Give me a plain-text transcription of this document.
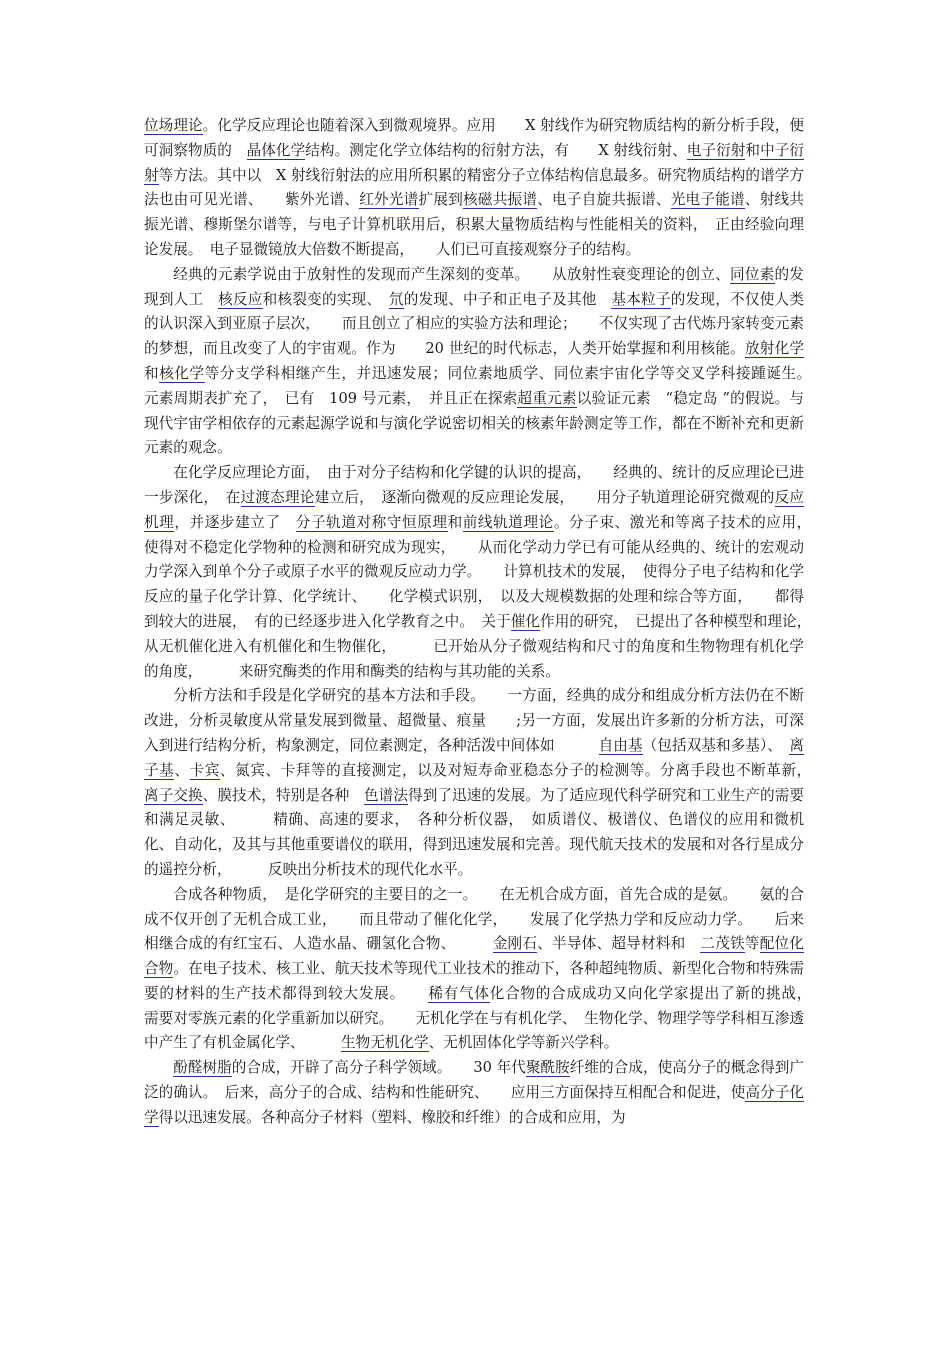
位场理论。化学反应理论也随着深入到微观境界。应用　　X 射线作为研究物质结构的新分析手段，便可洞察物质的　晶体化学结构。测定化学立体结构的衍射方法，有　　X 射线衍射、电子衍射和中子衍射等方法。其中以　X 射线衍射法的应用所积累的精密分子立体结构信息最多。研究物质结构的谱学方法也由可见光谱、　　紫外光谱、红外光谱扩展到核磁共振谱、电子自旋共振谱、光电子能谱、射线共振光谱、穆斯堡尔谱等，与电子计算机联用后，积累大量物质结构与性能相关的资料，　正由经验向理论发展。　电子显微镜放大倍数不断提高，　　人们已可直接观察分子的结构。

经典的元素学说由于放射性的发现而产生深刻的变革。　　从放射性衰变理论的创立、同位素的发现到人工　核反应和核裂变的实现、　氘的发现、中子和正电子及其他　基本粒子的发现，不仅使人类的认识深入到亚原子层次，　　而且创立了相应的实验方法和理论；　　不仅实现了古代炼丹家转变元素的梦想，而且改变了人的宇宙观。作为　　20 世纪的时代标志，人类开始掌握和利用核能。放射化学和核化学等分支学科相继产生，并迅速发展；同位素地质学、同位素宇宙化学等交叉学科接踵诞生。　　元素周期表扩充了，　已有　109 号元素，　并且正在探索超重元素以验证元素　“稳定岛 ”的假说。与现代宇宙学相依存的元素起源学说和与演化学说密切相关的核素年龄测定等工作，都在不断补充和更新元素的观念。

在化学反应理论方面，　由于对分子结构和化学键的认识的提高，　　经典的、统计的反应理论已进一步深化，　在过渡态理论建立后，　逐渐向微观的反应理论发展，　　用分子轨道理论研究微观的反应机理，并逐步建立了　分子轨道对称守恒原理和前线轨道理论。分子束、激光和等离子技术的应用，　使得对不稳定化学物种的检测和研究成为现实，　　从而化学动力学已有可能从经典的、统计的宏观动力学深入到单个分子或原子水平的微观反应动力学。　　计算机技术的发展，　使得分子电子结构和化学反应的量子化学计算、化学统计、　　化学模式识别，　以及大规模数据的处理和综合等方面，　　都得到较大的进展，　有的已经逐步进入化学教育之中。　关于催化作用的研究，　已提出了各种模型和理论，　　从无机催化进入有机催化和生物催化，　　　已开始从分子微观结构和尺寸的角度和生物物理有机化学的角度，　　　来研究酶类的作用和酶类的结构与其功能的关系。

分析方法和手段是化学研究的基本方法和手段。　　一方面，经典的成分和组成分析方法仍在不断改进，分析灵敏度从常量发展到微量、超微量、痕量　　;另一方面，发展出许多新的分析方法，可深入到进行结构分析，构象测定，同位素测定，各种活泼中间体如　　　自由基（包括双基和多基）、　离子基、卡宾、氮宾、卡拜等的直接测定，以及对短寿命亚稳态分子的检测等。分离手段也不断革新，　　离子交换、膜技术，特别是各种　色谱法得到了迅速的发展。为了适应现代科学研究和工业生产的需要和满足灵敏、　　　精确、高速的要求，　各种分析仪器，　如质谱仪、极谱仪、色谱仪的应用和微机化、自动化，及其与其他重要谱仪的联用，得到迅速发展和完善。现代航天技术的发展和对各行星成分的遥控分析，　　　反映出分析技术的现代化水平。

合成各种物质，　是化学研究的主要目的之一。　　在无机合成方面，首先合成的是氨。　　氨的合成不仅开创了无机合成工业，　　而且带动了催化化学，　　发展了化学热力学和反应动力学。　　后来相继合成的有红宝石、人造水晶、硼氢化合物、　　　金刚石、半导体、超导材料和　二茂铁等配位化合物。在电子技术、核工业、航天技术等现代工业技术的推动下，各种超纯物质、新型化合物和特殊需要的材料的生产技术都得到较大发展。　　稀有气体化合物的合成成功又向化学家提出了新的挑战，　　需要对零族元素的化学重新加以研究。　　无机化学在与有机化学、　生物化学、物理学等学科相互渗透中产生了有机金属化学、　　　生物无机化学、无机固体化学等新兴学科。

酚醛树脂的合成，开辟了高分子科学领域。　　30 年代聚酰胺纤维的合成，使高分子的概念得到广泛的确认。　后来，高分子的合成、结构和性能研究、　　应用三方面保持互相配合和促进，使高分子化学得以迅速发展。各种高分子材料（塑料、橡胶和纤维）的合成和应用，为
